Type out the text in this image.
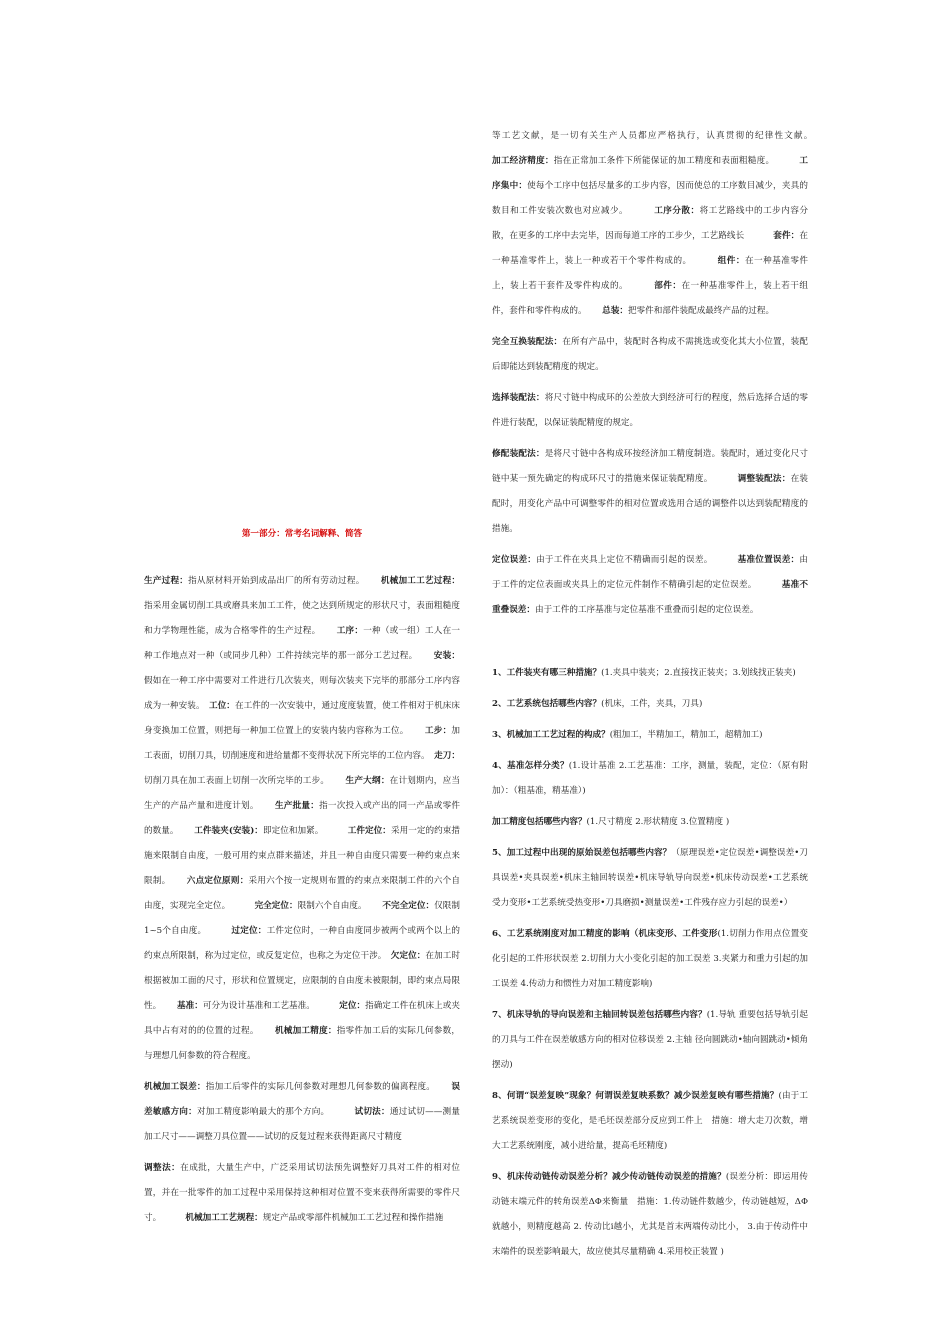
第一部分：常考名词解释、简答

生产过程：指从原材料开始到成品出厂的所有劳动过程。　 　机械加工工艺过程：指采用金属切削工具或磨具来加工工件，使之达到所规定的形状尺寸，表面粗糙度和力学物理性能，成为合格零件的生产过程。　 　工序：一种（或一组）工人在一种工作地点对一种（或同步几种）工件持续完毕的那一部分工艺过程。　 　安装：假如在一种工序中需要对工件进行几次装夹，则每次装夹下完毕的那部分工序内容成为一种安装。　工位：在工件的一次安装中，通过度度装置，使工件相对于机床床身变换加工位置，则把每一种加工位置上的安装内装内容称为工位。　 　工步：加工表面，切削刀具，切削速度和进给量都不变得状况下所完毕的工位内容。　走刀：切削刀具在加工表面上切削一次所完毕的工步。　 　生产大纲：在计划期内，应当生产的产品产量和进度计划。　 　生产批量：指一次投入或产出的同一产品或零件的数量。　 　工件装夹(安装)：即定位和加紧。　 　　工件定位：采用一定的约束措施来限制自由度，一般可用约束点群来描述，并且一种自由度只需要一种约束点来限制。　 　六点定位原则：采用六个按一定规则布置的约束点来限制工件的六个自由度，实现完全定位。　 　　完全定位：限制六个自由度。　 　不完全定位：仅限制1~5个自由度。　 　　过定位：工件定位时，一种自由度同步被两个或两个以上的约束点所限制，称为过定位，或反复定位，也称之为定位干涉。　欠定位：在加工时根据被加工面的尺寸，形状和位置规定，应限制的自由度未被限制，即约束点局限性。　 　基准：可分为设计基准和工艺基准。　 　　定位：指确定工件在机床上或夹具中占有对的的位置的过程。　 　机械加工精度：指零件加工后的实际几何参数，与理想几何参数的符合程度。

机械加工误差：指加工后零件的实际几何参数对理想几何参数的偏离程度。　 　误差敏感方向：对加工精度影响最大的那个方向。　 　　试切法：通过试切——测量加工尺寸——调整刀具位置——试切的反复过程来获得距离尺寸精度

调整法：在成批，大量生产中，广泛采用试切法预先调整好刀具对工件的相对位置，并在一批零件的加工过程中采用保持这种相对位置不变来获得所需要的零件尺寸。　 　　机械加工工艺规程：规定产品或零部件机械加工工艺过程和操作措施

等工艺文献，是一切有关生产人员都应严格执行，认真贯彻的纪律性文献。　 　　加工经济精度：指在正常加工条件下所能保证的加工精度和表面粗糙度。　 　　工序集中：使每个工序中包括尽量多的工步内容，因而使总的工序数目减少，夹具的数目和工件安装次数也对应减少。　 　　工序分散：将工艺路线中的工步内容分散，在更多的工序中去完毕，因而每道工序的工步少，工艺路线长　 　　套件：在一种基准零件上，装上一种或若干个零件构成的。　 　　组件：在一种基准零件上，装上若干套件及零件构成的。　 　　部件：在一种基准零件上，装上若干组件，套件和零件构成的。　 　总装：把零件和部件装配成最终产品的过程。

完全互换装配法：在所有产品中，装配时各构成不需挑选或变化其大小位置，装配后即能达到装配精度的规定。

选择装配法：将尺寸链中构成环的公差放大到经济可行的程度，然后选择合适的零件进行装配，以保证装配精度的规定。

修配装配法：是将尺寸链中各构成环按经济加工精度制造。装配时，通过变化尺寸链中某一预先确定的构成环尺寸的措施来保证装配精度。　 　　调整装配法：在装配时，用变化产品中可调整零件的相对位置或选用合适的调整件以达到装配精度的措施。

定位误差：由于工件在夹具上定位不精确而引起的误差。　 　　基准位置误差：由于工件的定位表面或夹具上的定位元件制作不精确引起的定位误差。　 　　基准不重叠误差：由于工件的工序基准与定位基准不重叠而引起的定位误差。

1、工件装夹有哪三种措施？(1.夹具中装夹；2.直接找正装夹；3.划线找正装夹)

2、工艺系统包括哪些内容？(机床，工件，夹具，刀具)

3、机械加工工艺过程的构成？(粗加工，半精加工，精加工，超精加工)

4、基准怎样分类？(1.设计基准 2.工艺基准：工序，测量，装配，定位：（原有附加）：（粗基准，精基准）)

加工精度包括哪些内容？(1.尺寸精度 2.形状精度 3.位置精度 )

5、加工过程中出现的原始误差包括哪些内容？（原理误差•定位误差•调整误差•刀具误差•夹具误差•机床主轴回转误差•机床导轨导向误差•机床传动误差•工艺系统受力变形•工艺系统受热变形•刀具磨损•测量误差•工件残存应力引起的误差•）

6、工艺系统刚度对加工精度的影响（机床变形、工件变形(1.切削力作用点位置变化引起的工件形状误差 2.切削力大小变化引起的加工误差 3.夹紧力和重力引起的加工误差 4.传动力和惯性力对加工精度影响)

7、机床导轨的导向误差和主轴回转误差包括哪些内容？(1.导轨 重要包括导轨引起的刀具与工件在误差敏感方向的相对位移误差 2.主轴 径向圆跳动•轴向圆跳动•倾角摆动)

8、何谓“误差复映”现象？何谓误差复映系数？减少误差复映有哪些措施？(由于工艺系统误差变形的变化，是毛坯误差部分反应到工件上　措施：增大走刀次数，增大工艺系统刚度，减小进给量，提高毛坯精度)

9、机床传动链传动误差分析？减少传动链传动误差的措施？(误差分析：即运用传动链末端元件的转角误差ΔΦ来衡量　措施：1.传动链件数越少，传动链越短，ΔΦ就越小，则精度越高 2. 传动比i越小，尤其是首末两端传动比小， 3.由于传动件中末端件的误差影响最大，故应使其尽量精确 4.采用校正装置 )
